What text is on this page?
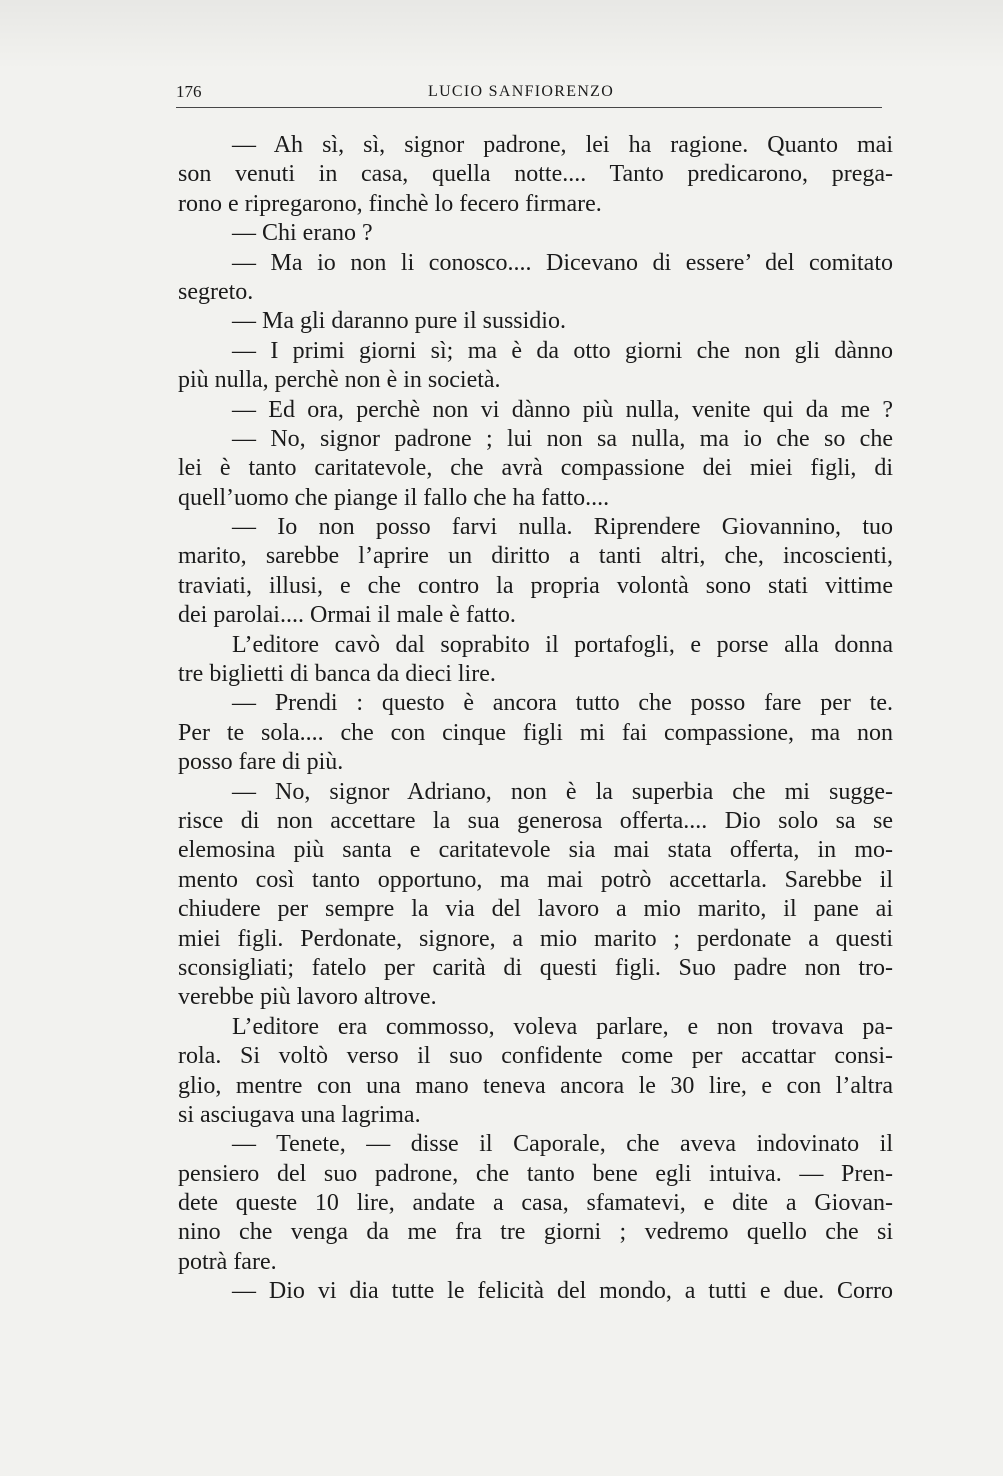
176	LUCIO SANFIORENZO
— Ah sì, sì, signor padrone, lei ha ragione. Quanto mai
son venuti in casa, quella notte.... Tanto predicarono, prega-
rono e ripregarono, finchè lo fecero firmare.
— Chi erano ?
— Ma io non li conosco.... Dicevano di essere’ del comitato
segreto.
— Ma gli daranno pure il sussidio.
— I primi giorni sì; ma è da otto giorni che non gli dànno
più nulla, perchè non è in società.
— Ed ora, perchè non vi dànno più nulla, venite qui da me ?
— No, signor padrone ; lui non sa nulla, ma io che so che
lei è tanto caritatevole, che avrà compassione dei miei figli, di
quell’uomo che piange il fallo che ha fatto....
— Io non posso farvi nulla. Riprendere Giovannino, tuo
marito, sarebbe l’aprire un diritto a tanti altri, che, incoscienti,
traviati, illusi, e che contro la propria volontà sono stati vittime
dei parolai.... Ormai il male è fatto.
L’editore cavò dal soprabito il portafogli, e porse alla donna
tre biglietti di banca da dieci lire.
— Prendi : questo è ancora tutto che posso fare per te.
Per te sola.... che con cinque figli mi fai compassione, ma non
posso fare di più.
— No, signor Adriano, non è la superbia che mi sugge-
risce di non accettare la sua generosa offerta.... Dio solo sa se
elemosina più santa e caritatevole sia mai stata offerta, in mo-
mento così tanto opportuno, ma mai potrò accettarla. Sarebbe il
chiudere per sempre la via del lavoro a mio marito, il pane ai
miei figli. Perdonate, signore, a mio marito ; perdonate a questi
sconsigliati; fatelo per carità di questi figli. Suo padre non tro-
verebbe più lavoro altrove.
L’editore era commosso, voleva parlare, e non trovava pa-
rola. Si voltò verso il suo confidente come per accattar consi-
glio, mentre con una mano teneva ancora le 30 lire, e con l’altra
si asciugava una lagrima.
— Tenete, — disse il Caporale, che aveva indovinato il
pensiero del suo padrone, che tanto bene egli intuiva. — Pren-
dete queste 10 lire, andate a casa, sfamatevi, e dite a Giovan-
nino che venga da me fra tre giorni ; vedremo quello che si
potrà fare.
— Dio vi dia tutte le felicità del mondo, a tutti e due. Corro
